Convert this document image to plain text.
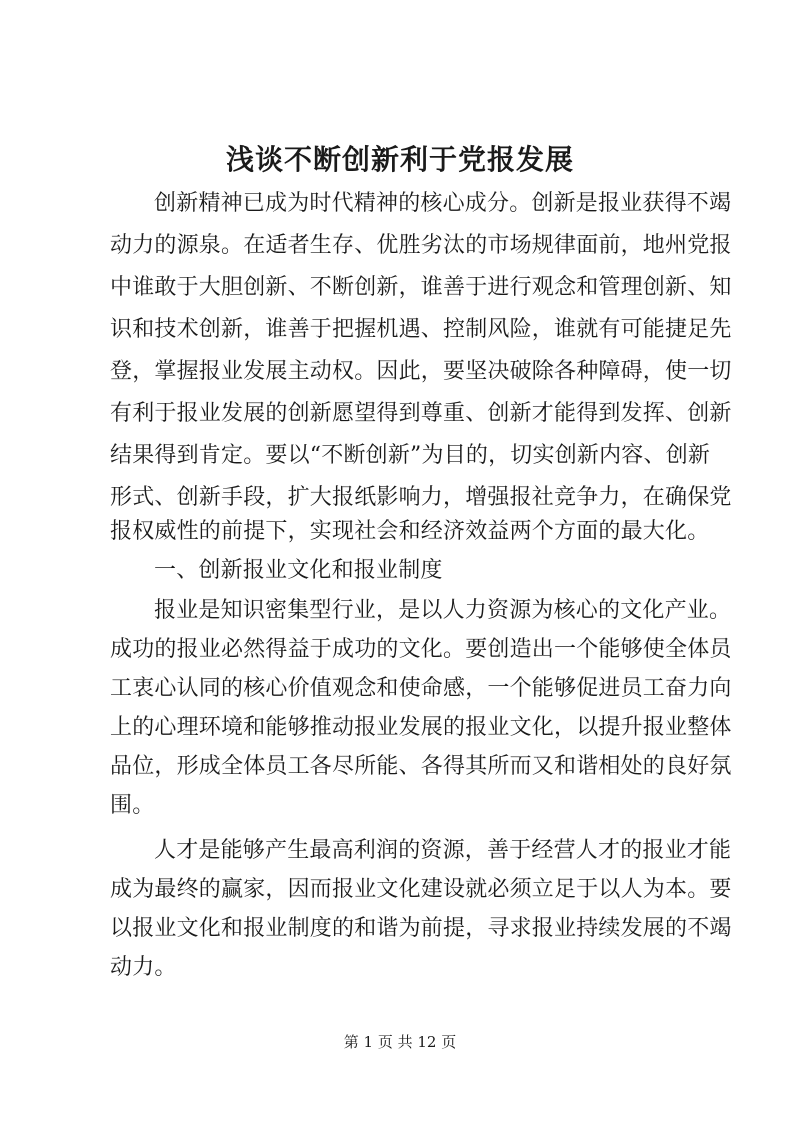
浅谈不断创新利于党报发展
创新精神已成为时代精神的核心成分。创新是报业获得不竭
动力的源泉。在适者生存、优胜劣汰的市场规律面前，地州党报
中谁敢于大胆创新、不断创新，谁善于进行观念和管理创新、知
识和技术创新，谁善于把握机遇、控制风险，谁就有可能捷足先
登，掌握报业发展主动权。因此，要坚决破除各种障碍，使一切
有利于报业发展的创新愿望得到尊重、创新才能得到发挥、创新
结果得到肯定。要以“不断创新”为目的，切实创新内容、创新
形式、创新手段，扩大报纸影响力，增强报社竞争力，在确保党
报权威性的前提下，实现社会和经济效益两个方面的最大化。
一、创新报业文化和报业制度
报业是知识密集型行业，是以人力资源为核心的文化产业。
成功的报业必然得益于成功的文化。要创造出一个能够使全体员
工衷心认同的核心价值观念和使命感，一个能够促进员工奋力向
上的心理环境和能够推动报业发展的报业文化，以提升报业整体
品位，形成全体员工各尽所能、各得其所而又和谐相处的良好氛
围。
人才是能够产生最高利润的资源，善于经营人才的报业才能
成为最终的赢家，因而报业文化建设就必须立足于以人为本。要
以报业文化和报业制度的和谐为前提，寻求报业持续发展的不竭
动力。
第 1 页 共 12 页
